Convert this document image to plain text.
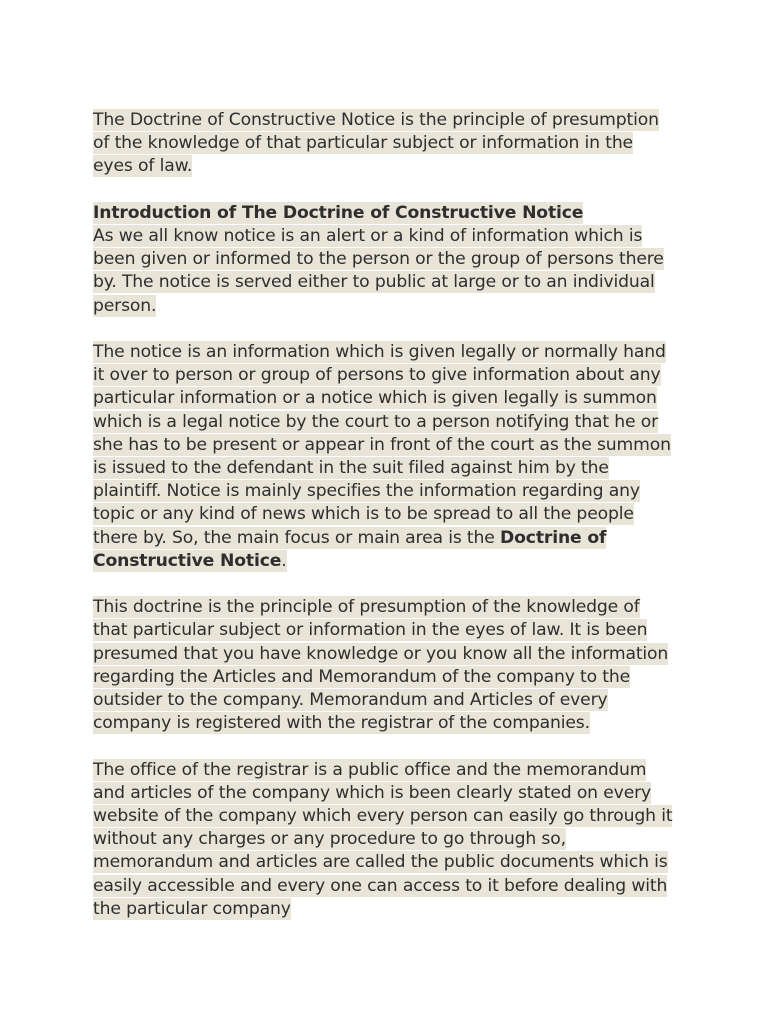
The Doctrine of Constructive Notice is the principle of presumption of the knowledge of that particular subject or information in the eyes of law.

Introduction of The Doctrine of Constructive Notice

As we all know notice is an alert or a kind of information which is been given or informed to the person or the group of persons there by. The notice is served either to public at large or to an individual person.

The notice is an information which is given legally or normally hand it over to person or group of persons to give information about any particular information or a notice which is given legally is summon which is a legal notice by the court to a person notifying that he or she has to be present or appear in front of the court as the summon is issued to the defendant in the suit filed against him by the plaintiff. Notice is mainly specifies the information regarding any topic or any kind of news which is to be spread to all the people there by. So, the main focus or main area is the Doctrine of Constructive Notice.

This doctrine is the principle of presumption of the knowledge of that particular subject or information in the eyes of law. It is been presumed that you have knowledge or you know all the information regarding the Articles and Memorandum of the company to the outsider to the company. Memorandum and Articles of every company is registered with the registrar of the companies.

The office of the registrar is a public office and the memorandum and articles of the company which is been clearly stated on every website of the company which every person can easily go through it without any charges or any procedure to go through so, memorandum and articles are called the public documents which is easily accessible and every one can access to it before dealing with the particular company
